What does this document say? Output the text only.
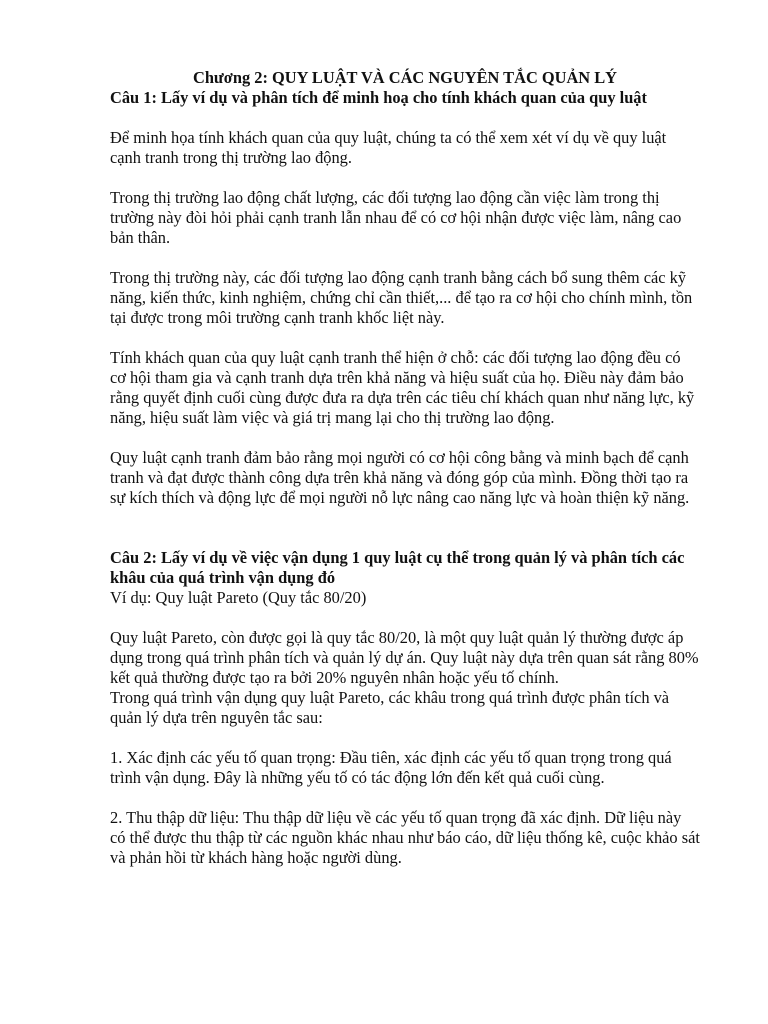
Chương 2: QUY LUẬT VÀ CÁC NGUYÊN TẮC QUẢN LÝ

Câu 1: Lấy ví dụ và phân tích để minh hoạ cho tính khách quan của quy luật

Để minh họa tính khách quan của quy luật, chúng ta có thể xem xét ví dụ về quy luật cạnh tranh trong thị trường lao động.

Trong thị trường lao động chất lượng, các đối tượng lao động cần việc làm trong thị trường này đòi hỏi phải cạnh tranh lẫn nhau để có cơ hội nhận được việc làm, nâng cao bản thân.

Trong thị trường này, các đối tượng lao động cạnh tranh bằng cách bổ sung thêm các kỹ năng, kiến thức, kinh nghiệm, chứng chỉ cần thiết,... để tạo ra cơ hội cho chính mình, tồn tại được trong môi trường cạnh tranh khốc liệt này.

Tính khách quan của quy luật cạnh tranh thể hiện ở chỗ: các đối tượng lao động đều có cơ hội tham gia và cạnh tranh dựa trên khả năng và hiệu suất của họ. Điều này đảm bảo rằng quyết định cuối cùng được đưa ra dựa trên các tiêu chí khách quan như năng lực, kỹ năng, hiệu suất làm việc và giá trị mang lại cho thị trường lao động.

Quy luật cạnh tranh đảm bảo rằng mọi người có cơ hội công bằng và minh bạch để cạnh tranh và đạt được thành công dựa trên khả năng và đóng góp của mình. Đồng thời tạo ra sự kích thích và động lực để mọi người nỗ lực nâng cao năng lực và hoàn thiện kỹ năng.

Câu 2: Lấy ví dụ về việc vận dụng 1 quy luật cụ thể trong quản lý và phân tích các khâu của quá trình vận dụng đó

Ví dụ: Quy luật Pareto (Quy tắc 80/20)

Quy luật Pareto, còn được gọi là quy tắc 80/20, là một quy luật quản lý thường được áp dụng trong quá trình phân tích và quản lý dự án. Quy luật này dựa trên quan sát rằng 80% kết quả thường được tạo ra bởi 20% nguyên nhân hoặc yếu tố chính.

Trong quá trình vận dụng quy luật Pareto, các khâu trong quá trình được phân tích và quản lý dựa trên nguyên tắc sau:

1. Xác định các yếu tố quan trọng: Đầu tiên, xác định các yếu tố quan trọng trong quá trình vận dụng. Đây là những yếu tố có tác động lớn đến kết quả cuối cùng.

2. Thu thập dữ liệu: Thu thập dữ liệu về các yếu tố quan trọng đã xác định. Dữ liệu này có thể được thu thập từ các nguồn khác nhau như báo cáo, dữ liệu thống kê, cuộc khảo sát và phản hồi từ khách hàng hoặc người dùng.
